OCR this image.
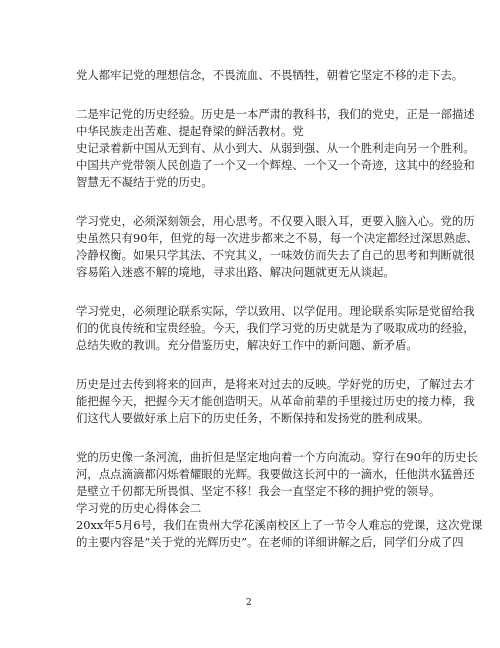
党人都牢记党的理想信念，不畏流血、不畏牺牲，朝着它坚定不移的走下去。
二是牢记党的历史经验。历史是一本严肃的教科书，我们的党史，正是一部描述
中华民族走出苦难、提起脊梁的鲜活教材。党
史记录着新中国从无到有、从小到大、从弱到强、从一个胜利走向另一个胜利。
中国共产党带领人民创造了一个又一个辉煌、一个又一个奇迹，这其中的经验和
智慧无不凝结于党的历史。
学习党史，必须深刻领会，用心思考。不仅要入眼入耳，更要入脑入心。党的历
史虽然只有90年，但党的每一次进步都来之不易，每一个决定都经过深思熟虑、
冷静权衡。如果只学其法、不究其义，一味效仿而失去了自己的思考和判断就很
容易陷入迷惑不解的境地，寻求出路、解决问题就更无从谈起。
学习党史，必须理论联系实际，学以致用、以学促用。理论联系实际是党留给我
们的优良传统和宝贵经验。今天，我们学习党的历史就是为了吸取成功的经验，
总结失败的教训。充分借鉴历史，解决好工作中的新问题、新矛盾。
历史是过去传到将来的回声，是将来对过去的反映。学好党的历史，了解过去才
能把握今天，把握今天才能创造明天。从革命前辈的手里接过历史的接力棒，我
们这代人要做好承上启下的历史任务，不断保持和发扬党的胜利成果。
党的历史像一条河流，曲折但是坚定地向着一个方向流动。穿行在90年的历史长
河，点点滴滴都闪烁着耀眼的光辉。我要做这长河中的一滴水，任他洪水猛兽还
是壁立千仞都无所畏惧、坚定不移！我会一直坚定不移的拥护党的领导。
学习党的历史心得体会二
20xx年5月6号，我们在贵州大学花溪南校区上了一节令人难忘的党课，这次党课
的主要内容是“关于党的光辉历史”。在老师的详细讲解之后，同学们分成了四
2
